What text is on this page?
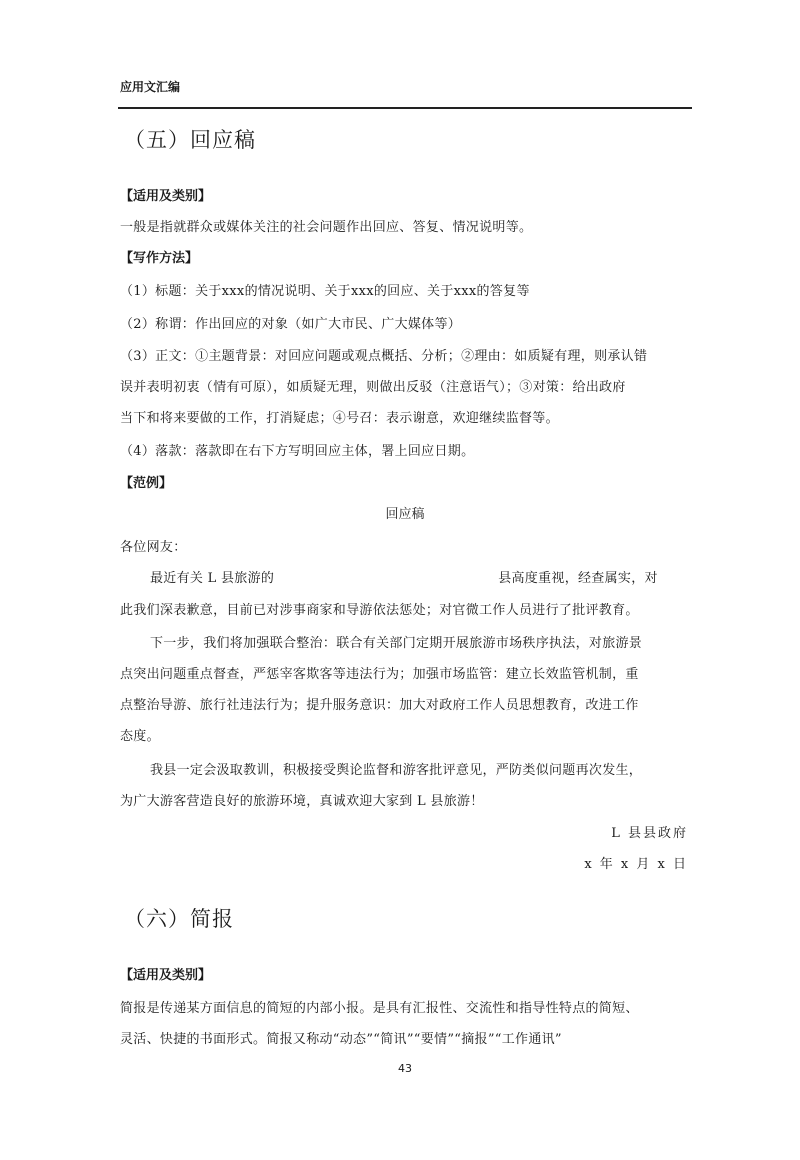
应用文汇编
（五）回应稿
【适用及类别】
一般是指就群众或媒体关注的社会问题作出回应、答复、情况说明等。
【写作方法】
（1）标题：关于xxx的情况说明、关于xxx的回应、关于xxx的答复等
（2）称谓：作出回应的对象（如广大市民、广大媒体等）
（3）正文：①主题背景：对回应问题或观点概括、分析；②理由：如质疑有理，则承认错
误并表明初衷（情有可原），如质疑无理，则做出反驳（注意语气）；③对策：给出政府
当下和将来要做的工作，打消疑虑；④号召：表示谢意，欢迎继续监督等。
（4）落款：落款即在右下方写明回应主体，署上回应日期。
【范例】
回应稿
各位网友：
最近有关 L 县旅游的	县高度重视，经查属实，对
此我们深表歉意，目前已对涉事商家和导游依法惩处；对官微工作人员进行了批评教育。
下一步，我们将加强联合整治：联合有关部门定期开展旅游市场秩序执法，对旅游景
点突出问题重点督查，严惩宰客欺客等违法行为；加强市场监管：建立长效监管机制，重
点整治导游、旅行社违法行为；提升服务意识：加大对政府工作人员思想教育，改进工作
态度。
我县一定会汲取教训，积极接受舆论监督和游客批评意见，严防类似问题再次发生，
为广大游客营造良好的旅游环境，真诚欢迎大家到 L 县旅游！
L 县县政府
x 年 x 月 x 日
（六）简报
【适用及类别】
简报是传递某方面信息的简短的内部小报。是具有汇报性、交流性和指导性特点的简短、
灵活、快捷的书面形式。简报又称动“动态”“简讯”“要情”“摘报”“工作通讯”
43
